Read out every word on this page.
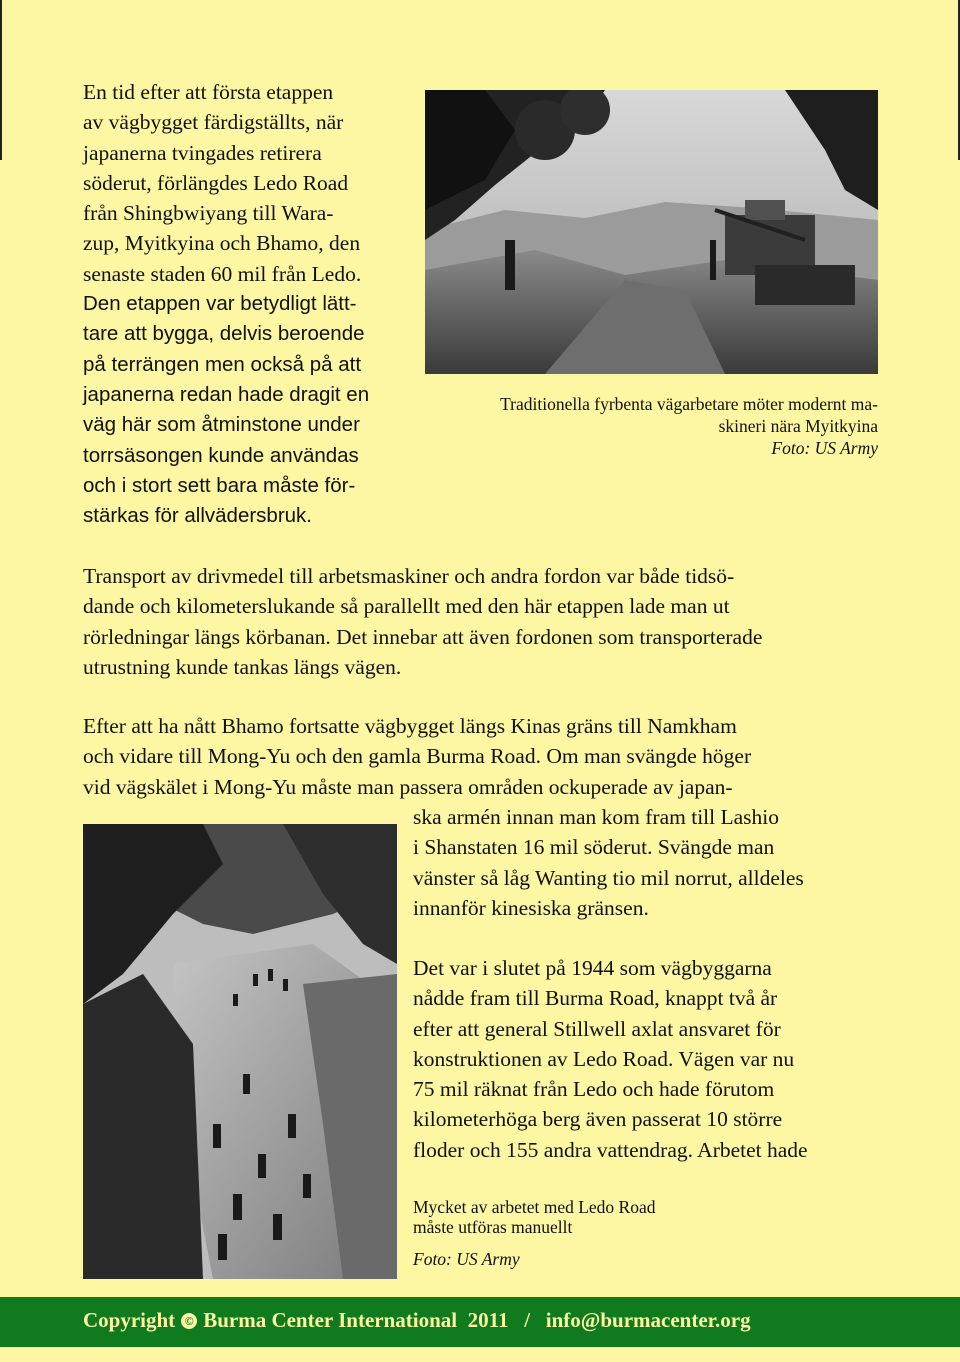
En tid efter att första etappen
av vägbygget färdigställts, när
japanerna tvingades retirera
söderut, förlängdes Ledo Road
från Shingbwiyang till Wara-
zup, Myitkyina och Bhamo, den
senaste staden 60 mil från Ledo.
Den etappen var betydligt lätt-
tare att bygga, delvis beroende
på terrängen men också på att
japanerna redan hade dragit en
väg här som åtminstone under
torrsäsongen kunde användas
och i stort sett bara måste för-
stärkas för allvädersbruk.
Traditionella fyrbenta vägarbetare möter modernt ma-
skineri nära Myitkyina
Foto: US Army
Transport av drivmedel till arbetsmaskiner och andra fordon var både tidsö-
dande och kilometerslukande så parallellt med den här etappen lade man ut
rörledningar längs körbanan. Det innebar att även fordonen som transporterade
utrustning kunde tankas längs vägen.
Efter att ha nått Bhamo fortsatte vägbygget längs Kinas gräns till Namkham
och vidare till Mong-Yu och den gamla Burma Road. Om man svängde höger
vid vägskälet i Mong-Yu måste man passera områden ockuperade av japan-
ska armén innan man kom fram till Lashio
i Shanstaten 16 mil söderut. Svängde man
vänster så låg Wanting tio mil norrut, alldeles
innanför kinesiska gränsen.
Det var i slutet på 1944 som vägbyggarna
nådde fram till Burma Road, knappt två år
efter att general Stillwell axlat ansvaret för
konstruktionen av Ledo Road. Vägen var nu
75 mil räknat från Ledo och hade förutom
kilometerhöga berg även passerat 10 större
floder och 155 andra vattendrag. Arbetet hade
Mycket av arbetet med Ledo Road
måste utföras manuellt
Foto: US Army
Copyright © Burma Center International  2011   /   info@burmacenter.org
